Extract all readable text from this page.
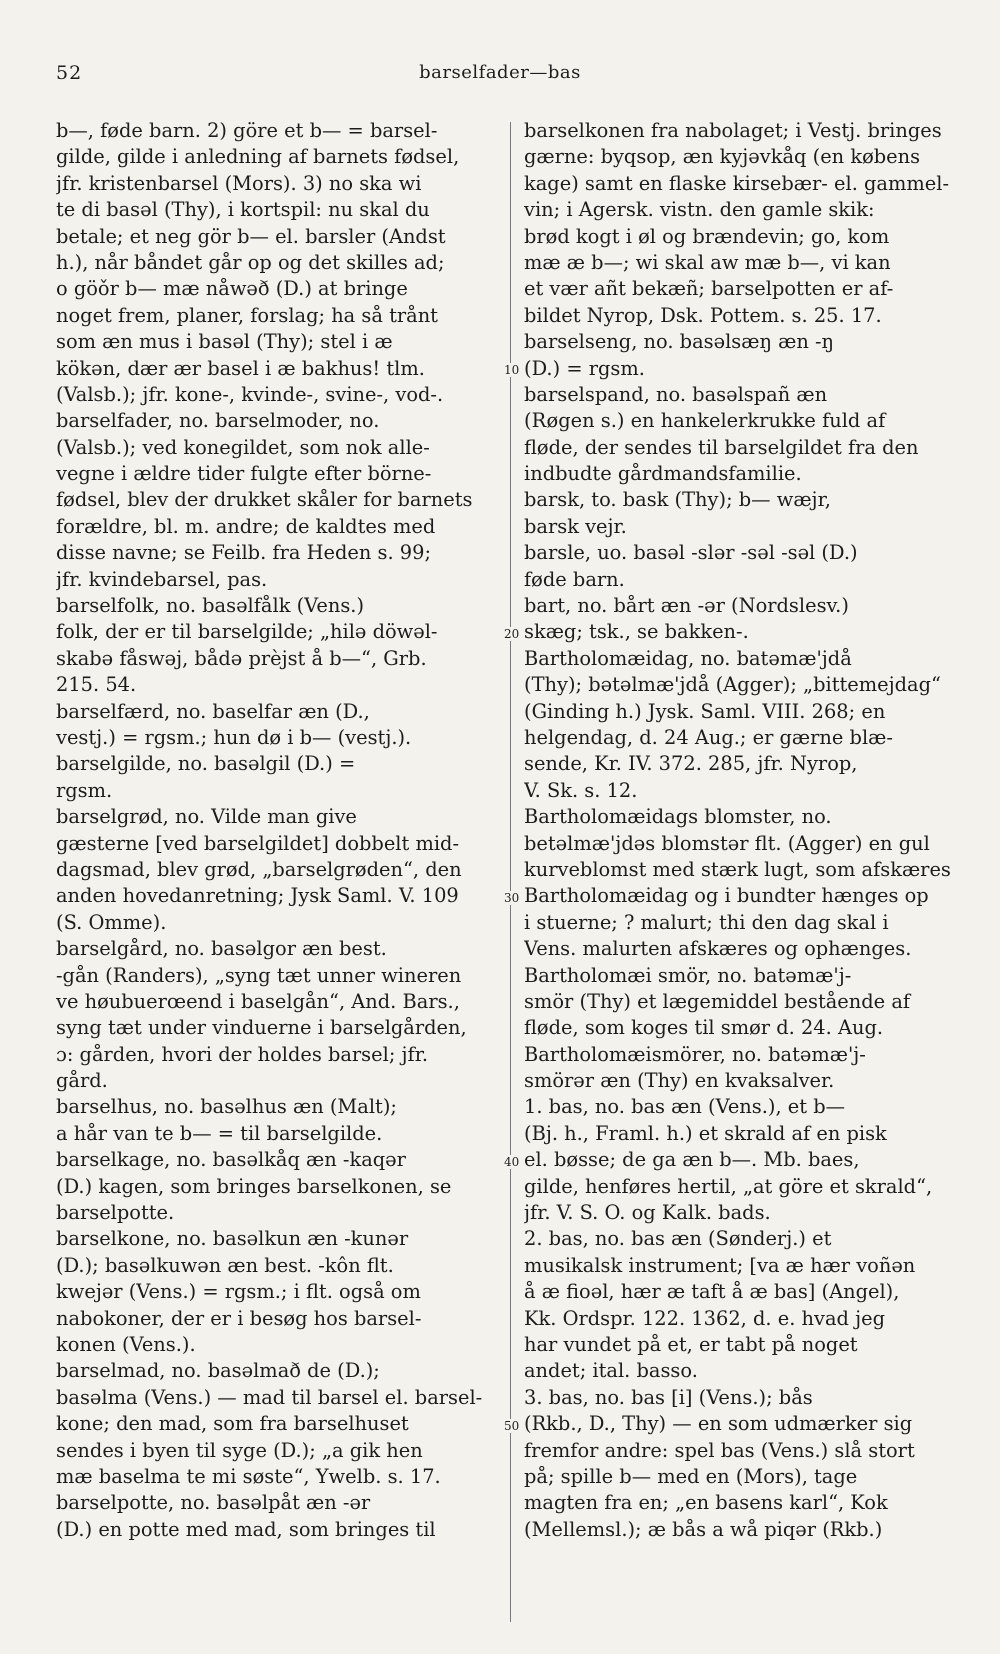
52	barselfader—bas
b—, føde barn. 2) göre et b— = barsel-
gilde, gilde i anledning af barnets fødsel,
jfr. kristenbarsel (Mors). 3) no ska wi
te di basəl (Thy), i kortspil: nu skal du
betale; et neg gör b— el. barsler (Andst
h.), når båndet går op og det skilles ad;
o göǒr b— mæ nåwəð (D.) at bringe
noget frem, planer, forslag; ha så trånt
som æn mus i basəl (Thy); stel i æ
kökən, dær ær basel i æ bakhus! tlm.
(Valsb.); jfr. kone-, kvinde-, svine-, vod-.
barselfader, no. barselmoder, no.
(Valsb.); ved konegildet, som nok alle-
vegne i ældre tider fulgte efter börne-
fødsel, blev der drukket skåler for barnets
forældre, bl. m. andre; de kaldtes med
disse navne; se Feilb. fra Heden s. 99;
jfr. kvindebarsel, pas.
barselfolk, no. basəlfålk (Vens.)
folk, der er til barselgilde; „hilə döwəl-
skabə fåswəj, bådə prèjst å b—“, Grb.
215. 54.
barselfærd, no. baselfar æn (D.,
vestj.) = rgsm.; hun dø i b— (vestj.).
barselgilde, no. basəlgil (D.) =
rgsm.
barselgrød, no. Vilde man give
gæsterne [ved barselgildet] dobbelt mid-
dagsmad, blev grød, „barselgrøden“, den
anden hovedanretning; Jysk Saml. V. 109
(S. Omme).
barselgård, no. basəlgor æn best.
-gån (Randers), „syng tæt unner wineren
ve høubuerœend i baselgån“, And. Bars.,
syng tæt under vinduerne i barselgården,
ɔ: gården, hvori der holdes barsel; jfr.
gård.
barselhus, no. basəlhus æn (Malt);
a hår van te b— = til barselgilde.
barselkage, no. basəlkåq æn -kaqər
(D.) kagen, som bringes barselkonen, se
barselpotte.
barselkone, no. basəlkun æn -kunər
(D.); basəlkuwən æn best. -kôn flt.
kwejər (Vens.) = rgsm.; i flt. også om
nabokoner, der er i besøg hos barsel-
konen (Vens.).
barselmad, no. basəlmað de (D.);
basəlma (Vens.) — mad til barsel el. barsel-
kone; den mad, som fra barselhuset
sendes i byen til syge (D.); „a gik hen
mæ baselma te mi søste“, Ywelb. s. 17.
barselpotte, no. basəlpåt æn -ər
(D.) en potte med mad, som bringes til
10
20
30
40
50
barselkonen fra nabolaget; i Vestj. bringes
gærne: byqsop, æn kyjəvkåq (en købens
kage) samt en flaske kirsebær- el. gammel-
vin; i Agersk. vistn. den gamle skik:
brød kogt i øl og brændevin; go, kom
mæ æ b—; wi skal aw mæ b—, vi kan
et vær añt bekæñ; barselpotten er af-
bildet Nyrop, Dsk. Pottem. s. 25. 17.
barselseng, no. basəlsæŋ æn -ŋ
(D.) = rgsm.
barselspand, no. basəlspañ æn
(Røgen s.) en hankelerkrukke fuld af
fløde, der sendes til barselgildet fra den
indbudte gårdmandsfamilie.
barsk, to. bask (Thy); b— wæjr,
barsk vejr.
barsle, uo. basəl -slər -səl -səl (D.)
føde barn.
bart, no. bårt æn -ər (Nordslesv.)
skæg; tsk., se bakken-.
Bartholomæidag, no. batəmæ'jdå
(Thy); bətəlmæ'jdå (Agger); „bittemejdag“
(Ginding h.) Jysk. Saml. VIII. 268; en
helgendag, d. 24 Aug.; er gærne blæ-
sende, Kr. IV. 372. 285, jfr. Nyrop,
V. Sk. s. 12.
Bartholomæidags blomster, no.
betəlmæ'jdəs blomstər flt. (Agger) en gul
kurveblomst med stærk lugt, som afskæres
Bartholomæidag og i bundter hænges op
i stuerne; ? malurt; thi den dag skal i
Vens. malurten afskæres og ophænges.
Bartholomæi smör, no. batəmæ'j-
smör (Thy) et lægemiddel bestående af
fløde, som koges til smør d. 24. Aug.
Bartholomæismörer, no. batəmæ'j-
smörər æn (Thy) en kvaksalver.
1. bas, no. bas æn (Vens.), et b—
(Bj. h., Framl. h.) et skrald af en pisk
el. bøsse; de ga æn b—. Mb. baes,
gilde, henføres hertil, „at göre et skrald“,
jfr. V. S. O. og Kalk. bads.
2. bas, no. bas æn (Sønderj.) et
musikalsk instrument; [va æ hær voñən
å æ fioəl, hær æ taft å æ bas] (Angel),
Kk. Ordspr. 122. 1362, d. e. hvad jeg
har vundet på et, er tabt på noget
andet; ital. basso.
3. bas, no. bas [i] (Vens.); bås
(Rkb., D., Thy) — en som udmærker sig
fremfor andre: spel bas (Vens.) slå stort
på; spille b— med en (Mors), tage
magten fra en; „en basens karl“, Kok
(Mellemsl.); æ bås a wå piqər (Rkb.)
